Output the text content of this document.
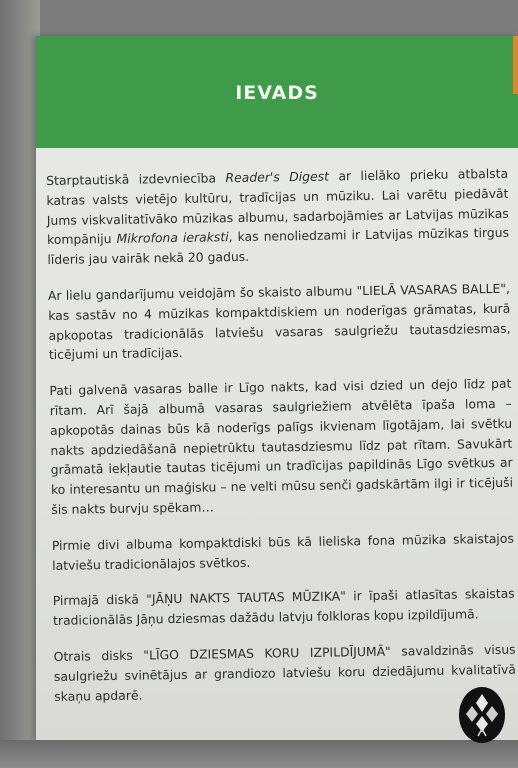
IEVADS

Starptautiskā izdevniecība Reader's Digest ar lielāko prieku atbalsta katras valsts vietējo kultūru, tradīcijas un mūziku. Lai varētu piedāvāt Jums viskvalitatīvāko mūzikas albumu, sadarbojāmies ar Latvijas mūzikas kompāniju Mikrofona ieraksti, kas nenoliedzami ir Latvijas mūzikas tirgus līderis jau vairāk nekā 20 gadus.

Ar lielu gandarījumu veidojām šo skaisto albumu "LIELĀ VASARAS BALLE", kas sastāv no 4 mūzikas kompaktdiskiem un noderīgas grāmatas, kurā apkopotas tradicionālās latviešu vasaras saulgriežu tautasdziesmas, ticējumi un tradīcijas.

Pati galvenā vasaras balle ir Līgo nakts, kad visi dzied un dejo līdz pat rītam. Arī šajā albumā vasaras saulgriežiem atvēlēta īpaša loma – apkopotās dainas būs kā noderīgs palīgs ikvienam līgotājam, lai svētku nakts apdziedāšanā nepietrūktu tautasdziesmu līdz pat rītam. Savukārt grāmatā iekļautie tautas ticējumi un tradīcijas papildinās Līgo svētkus ar ko interesantu un maģisku – ne velti mūsu senči gadskārtām ilgi ir ticējuši šis nakts burvju spēkam…

Pirmie divi albuma kompaktdiski būs kā lieliska fona mūzika skaistajos latviešu tradicionālajos svētkos.

Pirmajā diskā "JĀŅU NAKTS TAUTAS MŪZIKA" ir īpaši atlasītas skaistas tradicionālās Jāņu dziesmas dažādu latvju folkloras kopu izpildījumā.

Otrais disks "LĪGO DZIESMAS KORU IZPILDĪJUMĀ" savaldzinās visus saulgriežu svinētājus ar grandiozo latviešu koru dziedājumu kvalitatīvā skaņu apdarē.
